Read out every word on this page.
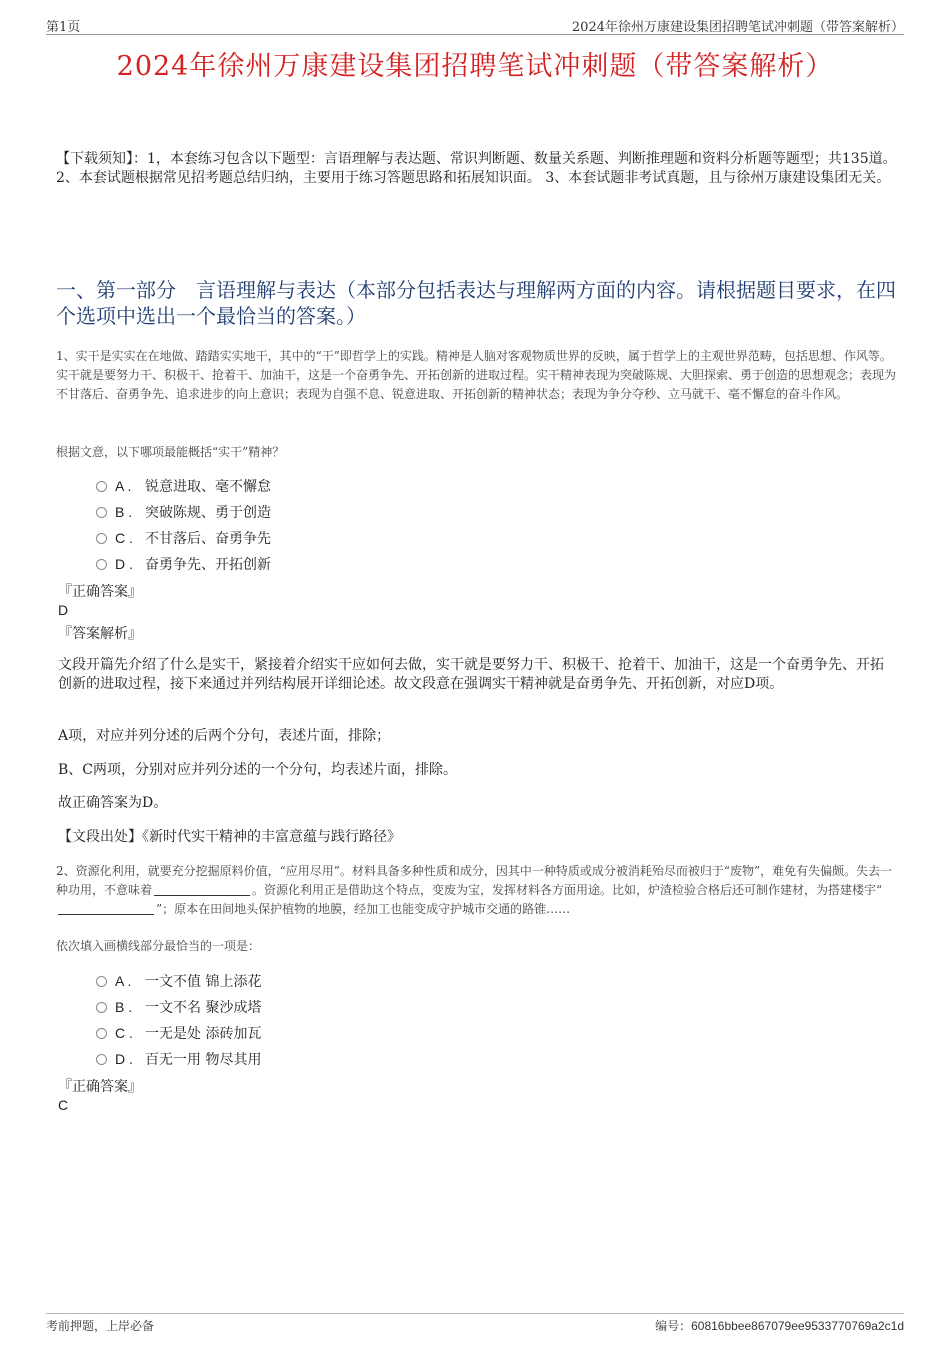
第1页	2024年徐州万康建设集团招聘笔试冲刺题（带答案解析）
2024年徐州万康建设集团招聘笔试冲刺题（带答案解析）
【下载须知】：1，本套练习包含以下题型：言语理解与表达题、常识判断题、数量关系题、判断推理题和资料分析题等题型；共135道。 2、本套试题根据常见招考题总结归纳，主要用于练习答题思路和拓展知识面。 3、本套试题非考试真题，且与徐州万康建设集团无关。
一、第一部分　言语理解与表达（本部分包括表达与理解两方面的内容。请根据题目要求，在四个选项中选出一个最恰当的答案。）
1、实干是实实在在地做、踏踏实实地干，其中的“干”即哲学上的实践。精神是人脑对客观物质世界的反映，属于哲学上的主观世界范畴，包括思想、作风等。实干就是要努力干、积极干、抢着干、加油干，这是一个奋勇争先、开拓创新的进取过程。实干精神表现为突破陈规、大胆探索、勇于创造的思想观念；表现为不甘落后、奋勇争先、追求进步的向上意识；表现为自强不息、锐意进取、开拓创新的精神状态；表现为争分夺秒、立马就干、毫不懈怠的奋斗作风。
根据文意，以下哪项最能概括“实干”精神？
A . 锐意进取、毫不懈怠
B . 突破陈规、勇于创造
C . 不甘落后、奋勇争先
D . 奋勇争先、开拓创新
『正确答案』
D
『答案解析』
文段开篇先介绍了什么是实干，紧接着介绍实干应如何去做，实干就是要努力干、积极干、抢着干、加油干，这是一个奋勇争先、开拓创新的进取过程，接下来通过并列结构展开详细论述。故文段意在强调实干精神就是奋勇争先、开拓创新，对应D项。
A项，对应并列分述的后两个分句，表述片面，排除；
B、C两项，分别对应并列分述的一个分句，均表述片面，排除。
故正确答案为D。
【文段出处】《新时代实干精神的丰富意蕴与践行路径》
2、资源化利用，就要充分挖掘原料价值，“应用尽用”。材料具备多种性质和成分，因其中一种特质或成分被消耗殆尽而被归于“废物”，难免有失偏颇。失去一种功用，不意味着	。资源化利用正是借助这个特点，变废为宝，发挥材料各方面用途。比如，炉渣检验合格后还可制作建材，为搭建楼宇“”；原本在田间地头保护植物的地膜，经加工也能变成守护城市交通的路锥……
依次填入画横线部分最恰当的一项是：
A . 一文不值 锦上添花
B . 一文不名 聚沙成塔
C . 一无是处 添砖加瓦
D . 百无一用 物尽其用
『正确答案』
C
考前押题，上岸必备	编号：60816bbee867079ee9533770769a2c1d
